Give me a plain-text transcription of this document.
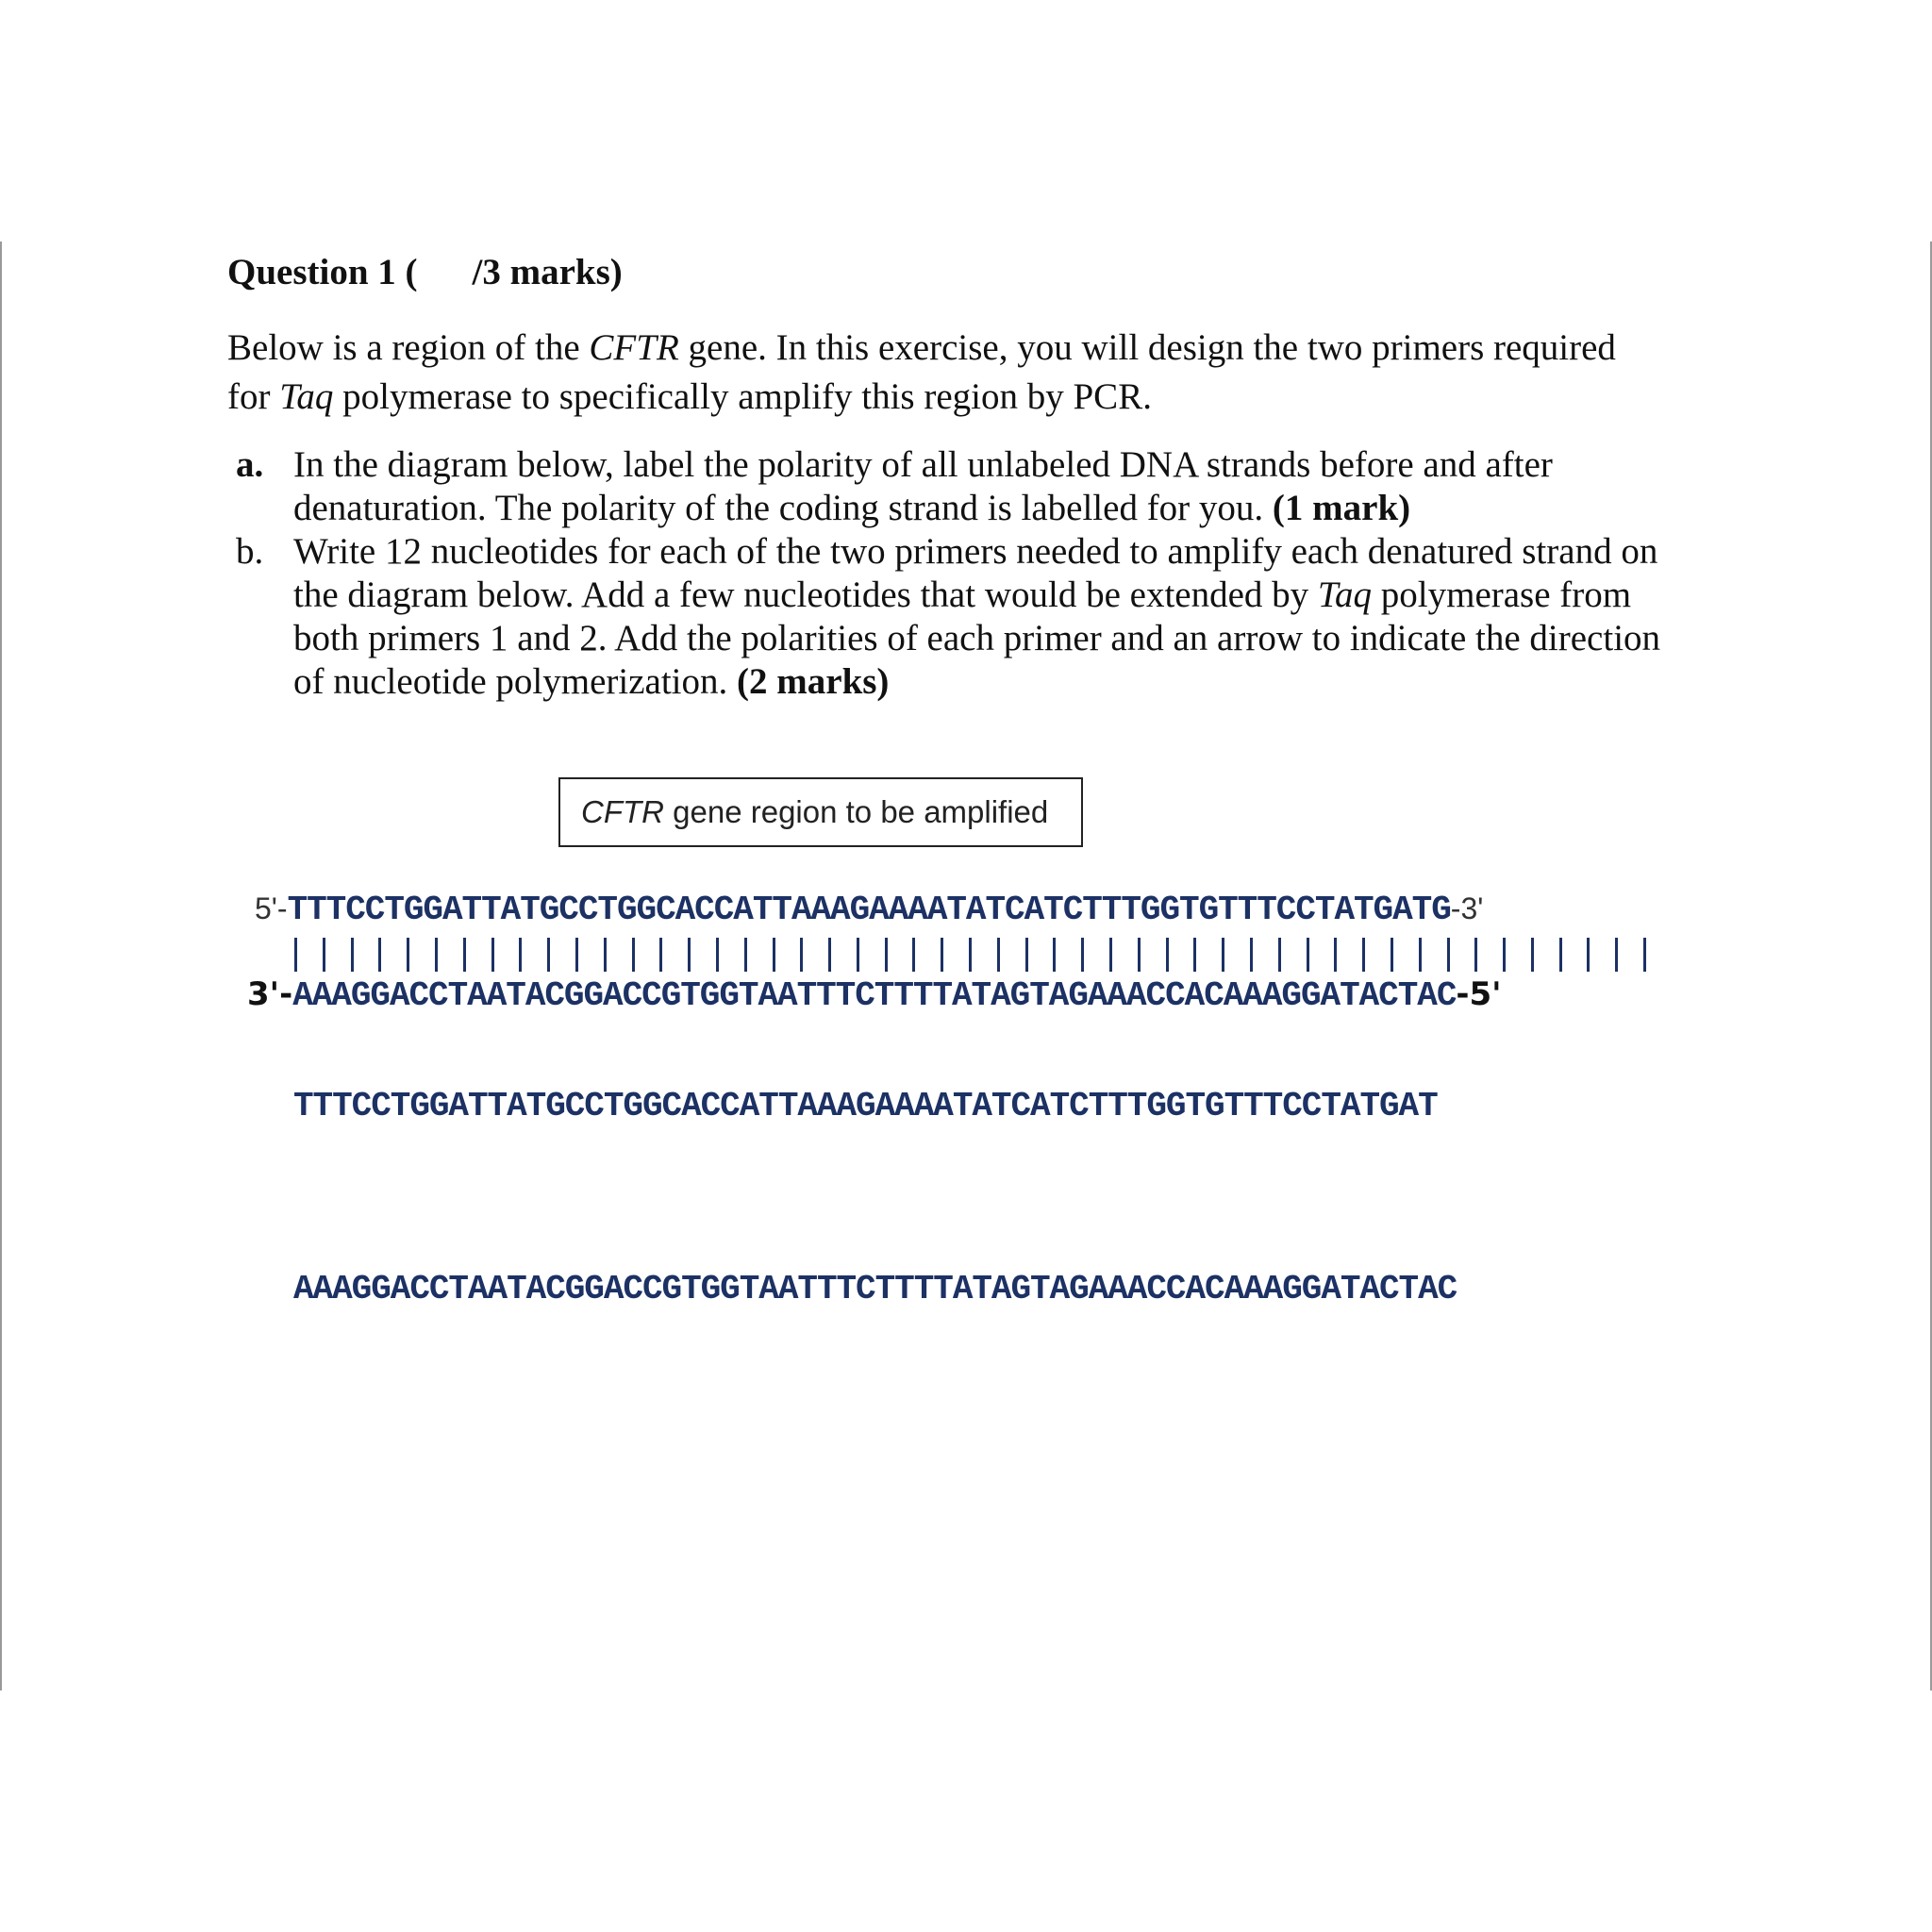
Question 1 ( /3 marks)
Below is a region of the CFTR gene. In this exercise, you will design the two primers required
for Taq polymerase to specifically amplify this region by PCR.
a. In the diagram below, label the polarity of all unlabeled DNA strands before and after
denaturation. The polarity of the coding strand is labelled for you. (1 mark)
b. Write 12 nucleotides for each of the two primers needed to amplify each denatured strand on
the diagram below. Add a few nucleotides that would be extended by Taq polymerase from
both primers 1 and 2. Add the polarities of each primer and an arrow to indicate the direction
of nucleotide polymerization. (2 marks)
CFTR gene region to be amplified
5'-TTTCCTGGATTATGCCTGGCACCATTAAAGAAAATATCATCTTTGGTGTTTCCTATGATG-3'
3'-AAAGGACCTAATACGGACCGTGGTAATTTCTTTTATAGTAGAAACCACAAAGGATACTAC-5'
TTTCCTGGATTATGCCTGGCACCATTAAAGAAAATATCATCTTTGGTGTTTCCTATGAT
AAAGGACCTAATACGGACCGTGGTAATTTCTTTTATAGTAGAAACCACAAAGGATACTAC
